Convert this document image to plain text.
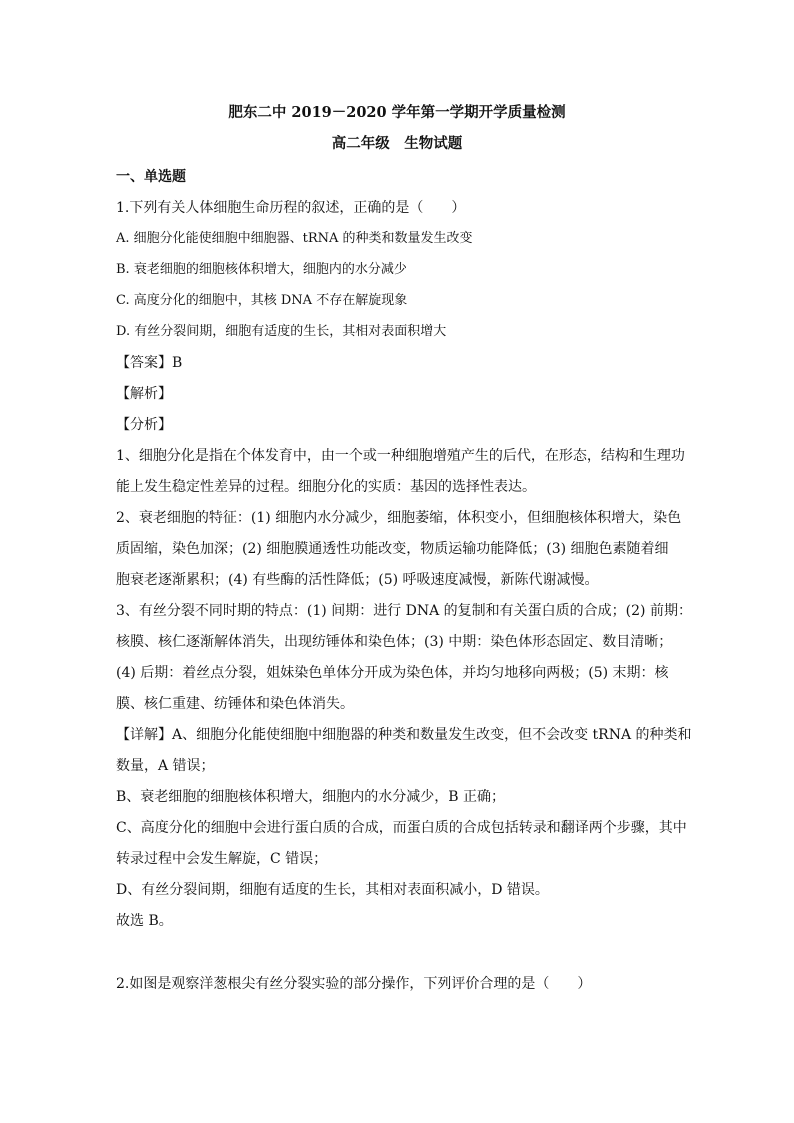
肥东二中 2019－2020 学年第一学期开学质量检测
高二年级　生物试题
一、单选题
1.下列有关人体细胞生命历程的叙述，正确的是（　　）
A. 细胞分化能使细胞中细胞器、tRNA 的种类和数量发生改变
B. 衰老细胞的细胞核体积增大，细胞内的水分减少
C. 高度分化的细胞中，其核 DNA 不存在解旋现象
D. 有丝分裂间期，细胞有适度的生长，其相对表面积增大
【答案】B
【解析】
【分析】
1、细胞分化是指在个体发育中，由一个或一种细胞增殖产生的后代，在形态，结构和生理功
能上发生稳定性差异的过程。细胞分化的实质：基因的选择性表达。
2、衰老细胞的特征：(1) 细胞内水分减少，细胞萎缩，体积变小，但细胞核体积增大，染色
质固缩，染色加深；(2) 细胞膜通透性功能改变，物质运输功能降低；(3) 细胞色素随着细
胞衰老逐渐累积；(4) 有些酶的活性降低；(5) 呼吸速度减慢，新陈代谢减慢。
3、有丝分裂不同时期的特点：(1) 间期：进行 DNA 的复制和有关蛋白质的合成；(2) 前期：
核膜、核仁逐渐解体消失，出现纺锤体和染色体；(3) 中期：染色体形态固定、数目清晰；
(4) 后期：着丝点分裂，姐妹染色单体分开成为染色体，并均匀地移向两极；(5) 末期：核
膜、核仁重建、纺锤体和染色体消失。
【详解】A、细胞分化能使细胞中细胞器的种类和数量发生改变，但不会改变 tRNA 的种类和
数量，A 错误；
B、衰老细胞的细胞核体积增大，细胞内的水分减少，B 正确；
C、高度分化的细胞中会进行蛋白质的合成，而蛋白质的合成包括转录和翻译两个步骤，其中
转录过程中会发生解旋，C 错误；
D、有丝分裂间期，细胞有适度的生长，其相对表面积减小，D 错误。
故选 B。
2.如图是观察洋葱根尖有丝分裂实验的部分操作，下列评价合理的是（　　）
